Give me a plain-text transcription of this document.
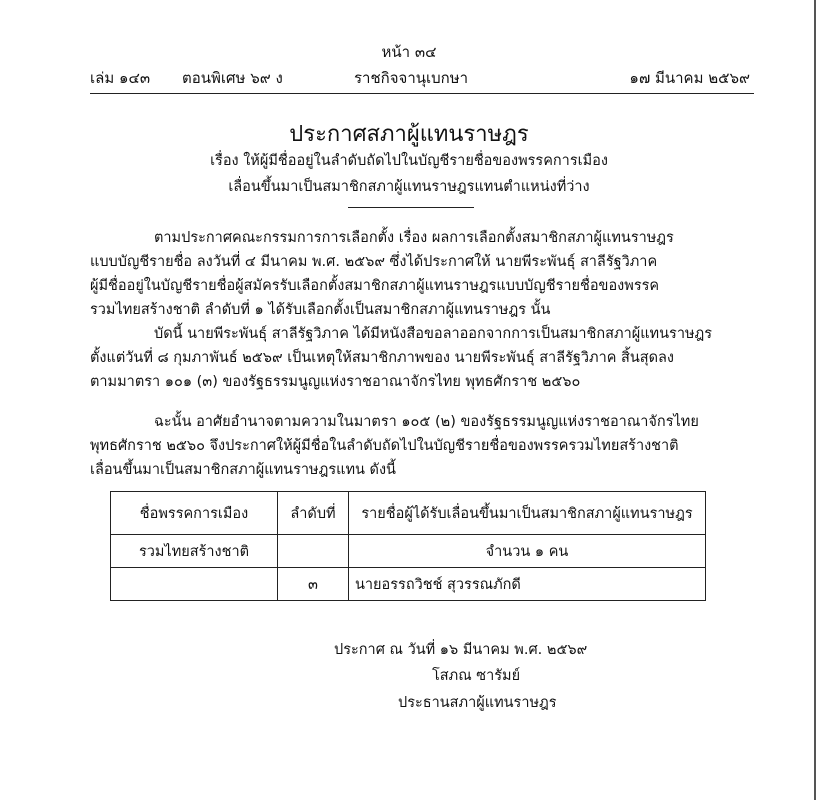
หน้า ๓๔
เล่ม ๑๔๓ ตอนพิเศษ ๖๙ ง	ราชกิจจานุเบกษา	๑๗ มีนาคม ๒๕๖๙
ประกาศสภาผู้แทนราษฎร
เรื่อง ให้ผู้มีชื่ออยู่ในลำดับถัดไปในบัญชีรายชื่อของพรรคการเมือง
เลื่อนขึ้นมาเป็นสมาชิกสภาผู้แทนราษฎรแทนตำแหน่งที่ว่าง
ตามประกาศคณะกรรมการการเลือกตั้ง เรื่อง ผลการเลือกตั้งสมาชิกสภาผู้แทนราษฎร
แบบบัญชีรายชื่อ ลงวันที่ ๔ มีนาคม พ.ศ. ๒๕๖๙ ซึ่งได้ประกาศให้ นายพีระพันธุ์ สาลีรัฐวิภาค
ผู้มีชื่ออยู่ในบัญชีรายชื่อผู้สมัครรับเลือกตั้งสมาชิกสภาผู้แทนราษฎรแบบบัญชีรายชื่อของพรรค
รวมไทยสร้างชาติ ลำดับที่ ๑ ได้รับเลือกตั้งเป็นสมาชิกสภาผู้แทนราษฎร นั้น
บัดนี้ นายพีระพันธุ์ สาลีรัฐวิภาค ได้มีหนังสือขอลาออกจากการเป็นสมาชิกสภาผู้แทนราษฎร
ตั้งแต่วันที่ ๘ กุมภาพันธ์ ๒๕๖๙ เป็นเหตุให้สมาชิกภาพของ นายพีระพันธุ์ สาลีรัฐวิภาค สิ้นสุดลง
ตามมาตรา ๑๐๑ (๓) ของรัฐธรรมนูญแห่งราชอาณาจักรไทย พุทธศักราช ๒๕๖๐
ฉะนั้น อาศัยอำนาจตามความในมาตรา ๑๐๕ (๒) ของรัฐธรรมนูญแห่งราชอาณาจักรไทย
พุทธศักราช ๒๕๖๐ จึงประกาศให้ผู้มีชื่อในลำดับถัดไปในบัญชีรายชื่อของพรรครวมไทยสร้างชาติ
เลื่อนขึ้นมาเป็นสมาชิกสภาผู้แทนราษฎรแทน ดังนี้
ชื่อพรรคการเมือง	ลำดับที่	รายชื่อผู้ได้รับเลื่อนขึ้นมาเป็นสมาชิกสภาผู้แทนราษฎร
รวมไทยสร้างชาติ		จำนวน ๑ คน
	๓	นายอรรถวิชช์ สุวรรณภักดี
ประกาศ ณ วันที่ ๑๖ มีนาคม พ.ศ. ๒๕๖๙
โสภณ ซารัมย์
ประธานสภาผู้แทนราษฎร
